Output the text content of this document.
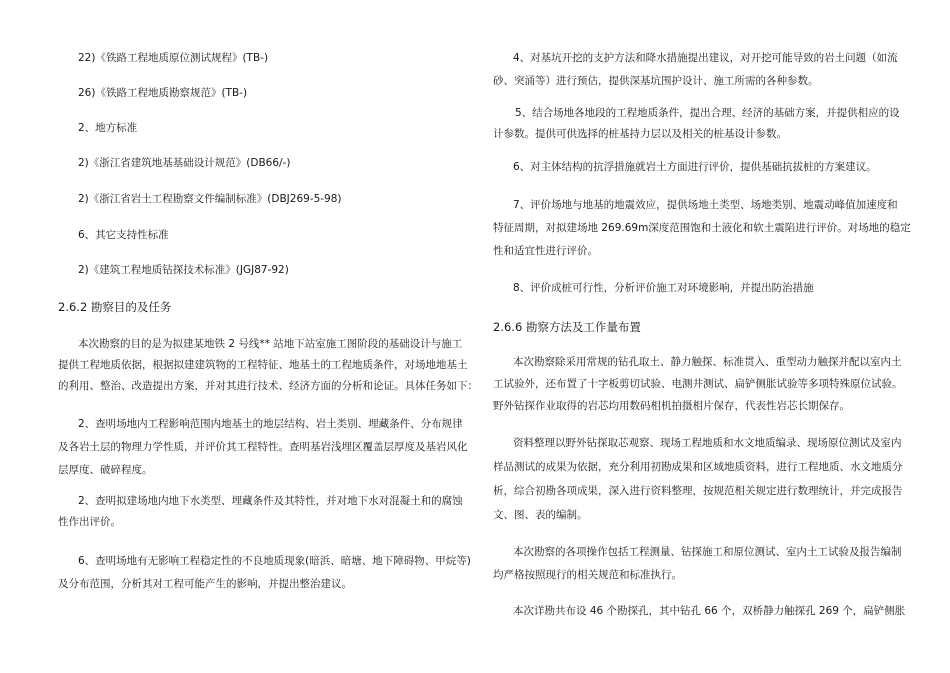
22)《铁路工程地质原位测试规程》(TB-)
26)《铁路工程地质勘察规范》(TB-)
2、地方标准
2)《浙江省建筑地基基础设计规范》(DB66/-)
2)《浙江省岩土工程勘察文件编制标准》(DBJ269-5-98)
6、其它支持性标准
2)《建筑工程地质钻探技术标准》(JGJ87-92)
2.6.2 勘察目的及任务
本次勘察的目的是为拟建某地铁 2 号线** 站地下站室施工图阶段的基础设计与施工
提供工程地质依据，根据拟建建筑物的工程特征、地基土的工程地质条件，对场地地基土
的利用、整治、改造提出方案，并对其进行技术、经济方面的分析和论证。具体任务如下：
2、查明场地内工程影响范围内地基土的地层结构、岩土类别、埋藏条件、分布规律
及各岩土层的物理力学性质，并评价其工程特性。查明基岩浅埋区覆盖层厚度及基岩风化
层厚度、破碎程度。
2、查明拟建场地内地下水类型、埋藏条件及其特性，并对地下水对混凝土和的腐蚀
性作出评价。
6、查明场地有无影响工程稳定性的不良地质现象(暗浜、暗塘、地下障碍物、甲烷等)
及分布范围，分析其对工程可能产生的影响，并提出整治建议。
4、对基坑开挖的支护方法和降水措施提出建议，对开挖可能导致的岩土问题（如流
砂、突涌等）进行预估，提供深基坑围护设计、施工所需的各种参数。
5、结合场地各地段的工程地质条件，提出合理、经济的基础方案，并提供相应的设
计参数。提供可供选择的桩基持力层以及相关的桩基设计参数。
6、对主体结构的抗浮措施就岩土方面进行评价，提供基础抗拔桩的方案建议。
7、评价场地与地基的地震效应，提供场地土类型、场地类别、地震动峰值加速度和
特征周期，对拟建场地 269.69m深度范围饱和土液化和软土震陷进行评价。对场地的稳定
性和适宜性进行评价。
8、评价成桩可行性，分析评价施工对环境影响，并提出防治措施
2.6.6 勘察方法及工作量布置
本次勘察除采用常规的钻孔取土、静力触探、标准贯入、重型动力触探并配以室内土
工试验外，还布置了十字板剪切试验、电测井测试、扁铲侧胀试验等多项特殊原位试验。
野外钻探作业取得的岩芯均用数码相机拍摄相片保存，代表性岩芯长期保存。
资料整理以野外钻探取芯观察、现场工程地质和水文地质编录、现场原位测试及室内
样品测试的成果为依据，充分利用初勘成果和区域地质资料，进行工程地质、水文地质分
析，综合初勘各项成果，深入进行资料整理，按规范相关规定进行数理统计，并完成报告
文、图、表的编制。
本次勘察的各项操作包括工程测量、钻探施工和原位测试、室内土工试验及报告编制
均严格按照现行的相关规范和标准执行。
本次详勘共布设 46 个勘探孔，其中钻孔 66 个，双桥静力触探孔 269 个，扁铲侧胀
